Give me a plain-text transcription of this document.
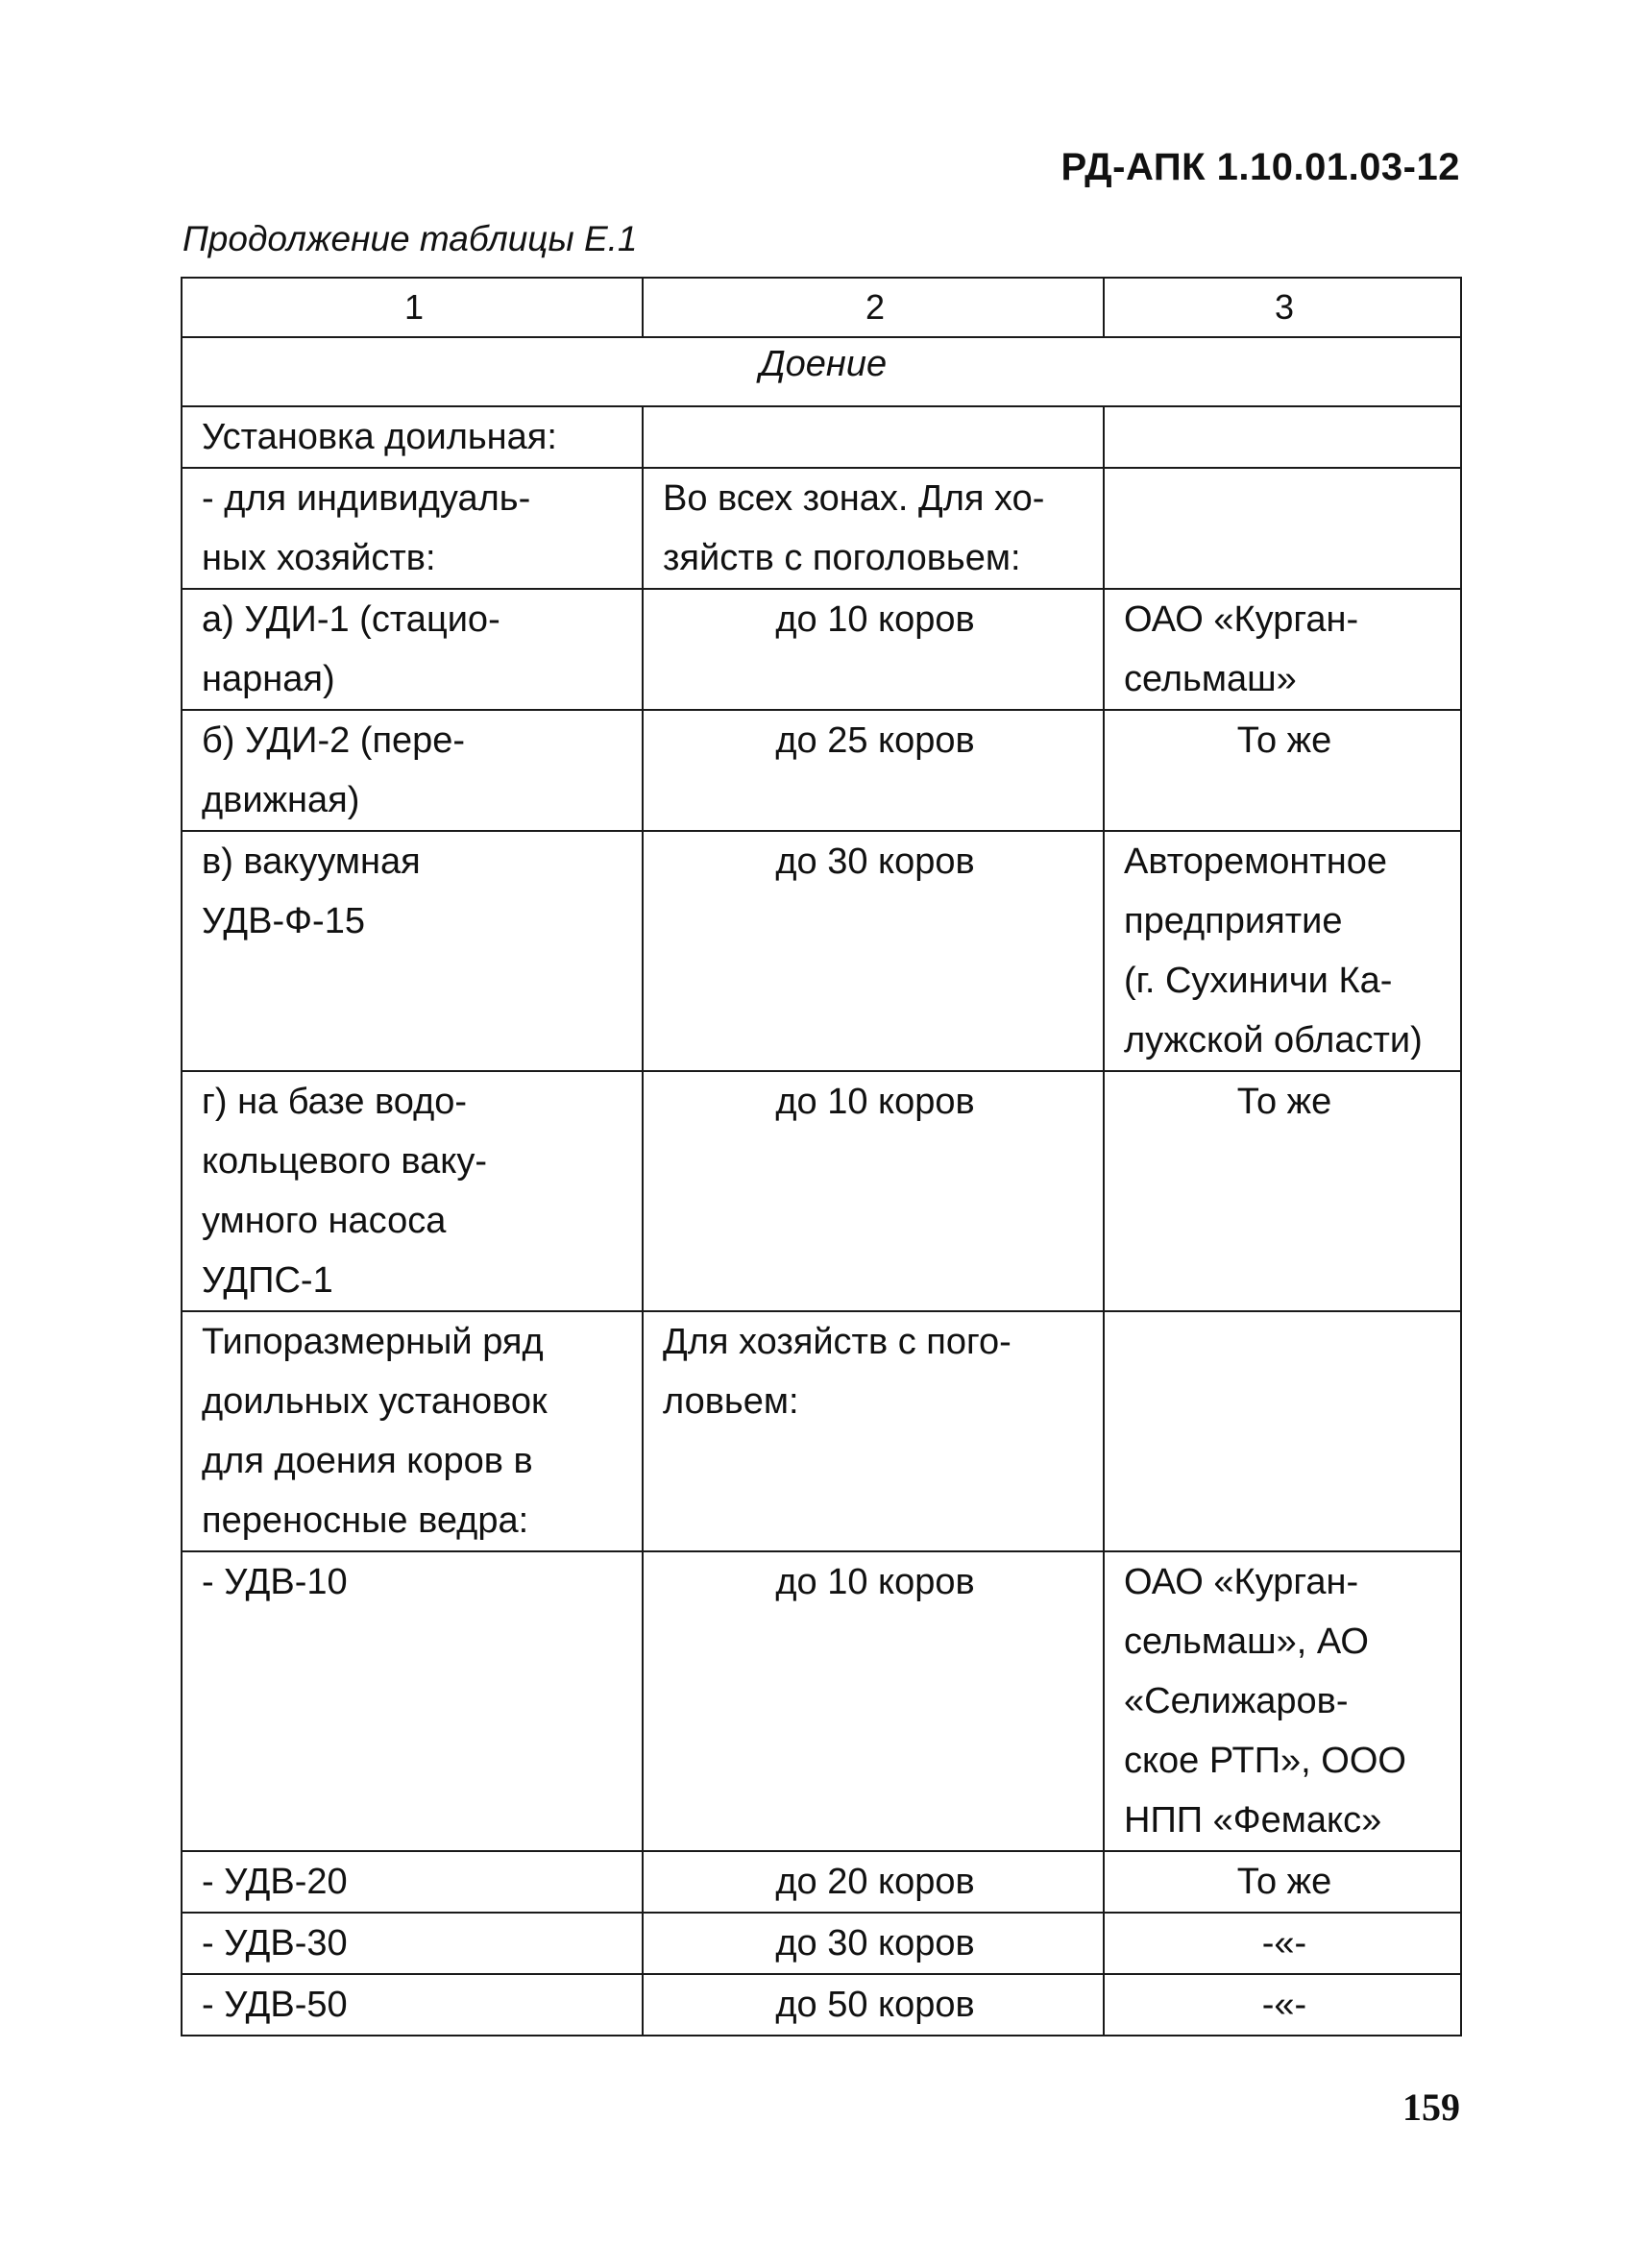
РД-АПК 1.10.01.03-12
Продолжение таблицы Е.1
1	2	3
Доение		

Установка доильная:		

- для индивидуаль-
ных хозяйств:	Во всех зонах. Для хо-
зяйств с поголовьем:	

а) УДИ-1 (стацио-
нарная)	до 10 коров	ОАО «Курган-
сельмаш»

б) УДИ-2 (пере-
движная)	до 25 коров	То же

в) вакуумная
УДВ-Ф-15	до 30 коров	Авторемонтное
предприятие
(г. Сухиничи Ка-
лужской области)

г) на базе водо-
кольцевого ваку-
умного насоса
УДПС-1	до 10 коров	То же

Типоразмерный ряд
доильных установок
для доения коров в
переносные ведра:	Для хозяйств с пого-
ловьем:	

- УДВ-10	до 10 коров	ОАО «Курган-
сельмаш», АО
«Селижаров-
ское РТП», ООО
НПП «Фемакс»

- УДВ-20	до 20 коров	То же

- УДВ-30	до 30 коров	-«-

- УДВ-50	до 50 коров	-«-
159
